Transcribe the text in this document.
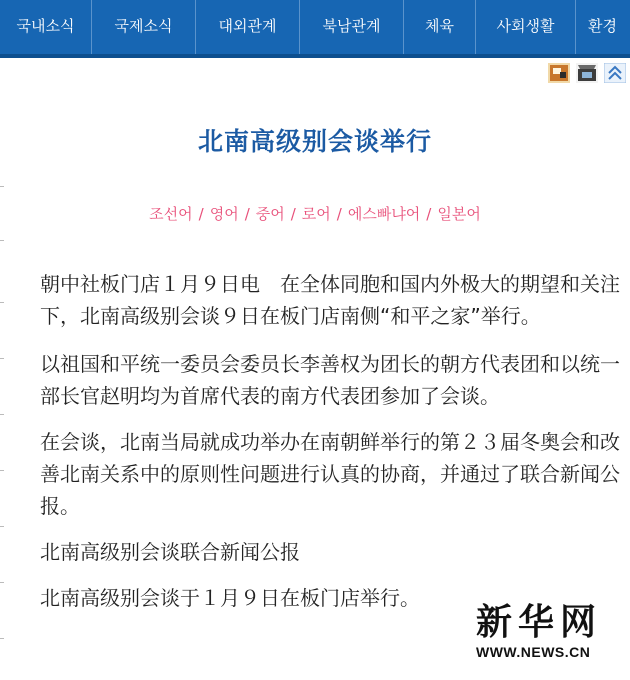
국내소식	국제소식	대외관계	북남관계	체육	사회생활	환경
北南高级别会谈举行
조선어 / 영어 / 중어 / 로어 / 에스빠냐어 / 일본어

朝中社板门店１月９日电　在全体同胞和国内外极大的期望和关注下，北南高级别会谈９日在板门店南侧“和平之家”举行。

以祖国和平统一委员会委员长李善权为团长的朝方代表团和以统一部长官赵明均为首席代表的南方代表团参加了会谈。

在会谈，北南当局就成功举办在南朝鲜举行的第２３届冬奥会和改善北南关系中的原则性问题进行认真的协商，并通过了联合新闻公报。

北南高级别会谈联合新闻公报

北南高级别会谈于１月９日在板门店举行。

新华网
WWW.NEWS.CN
